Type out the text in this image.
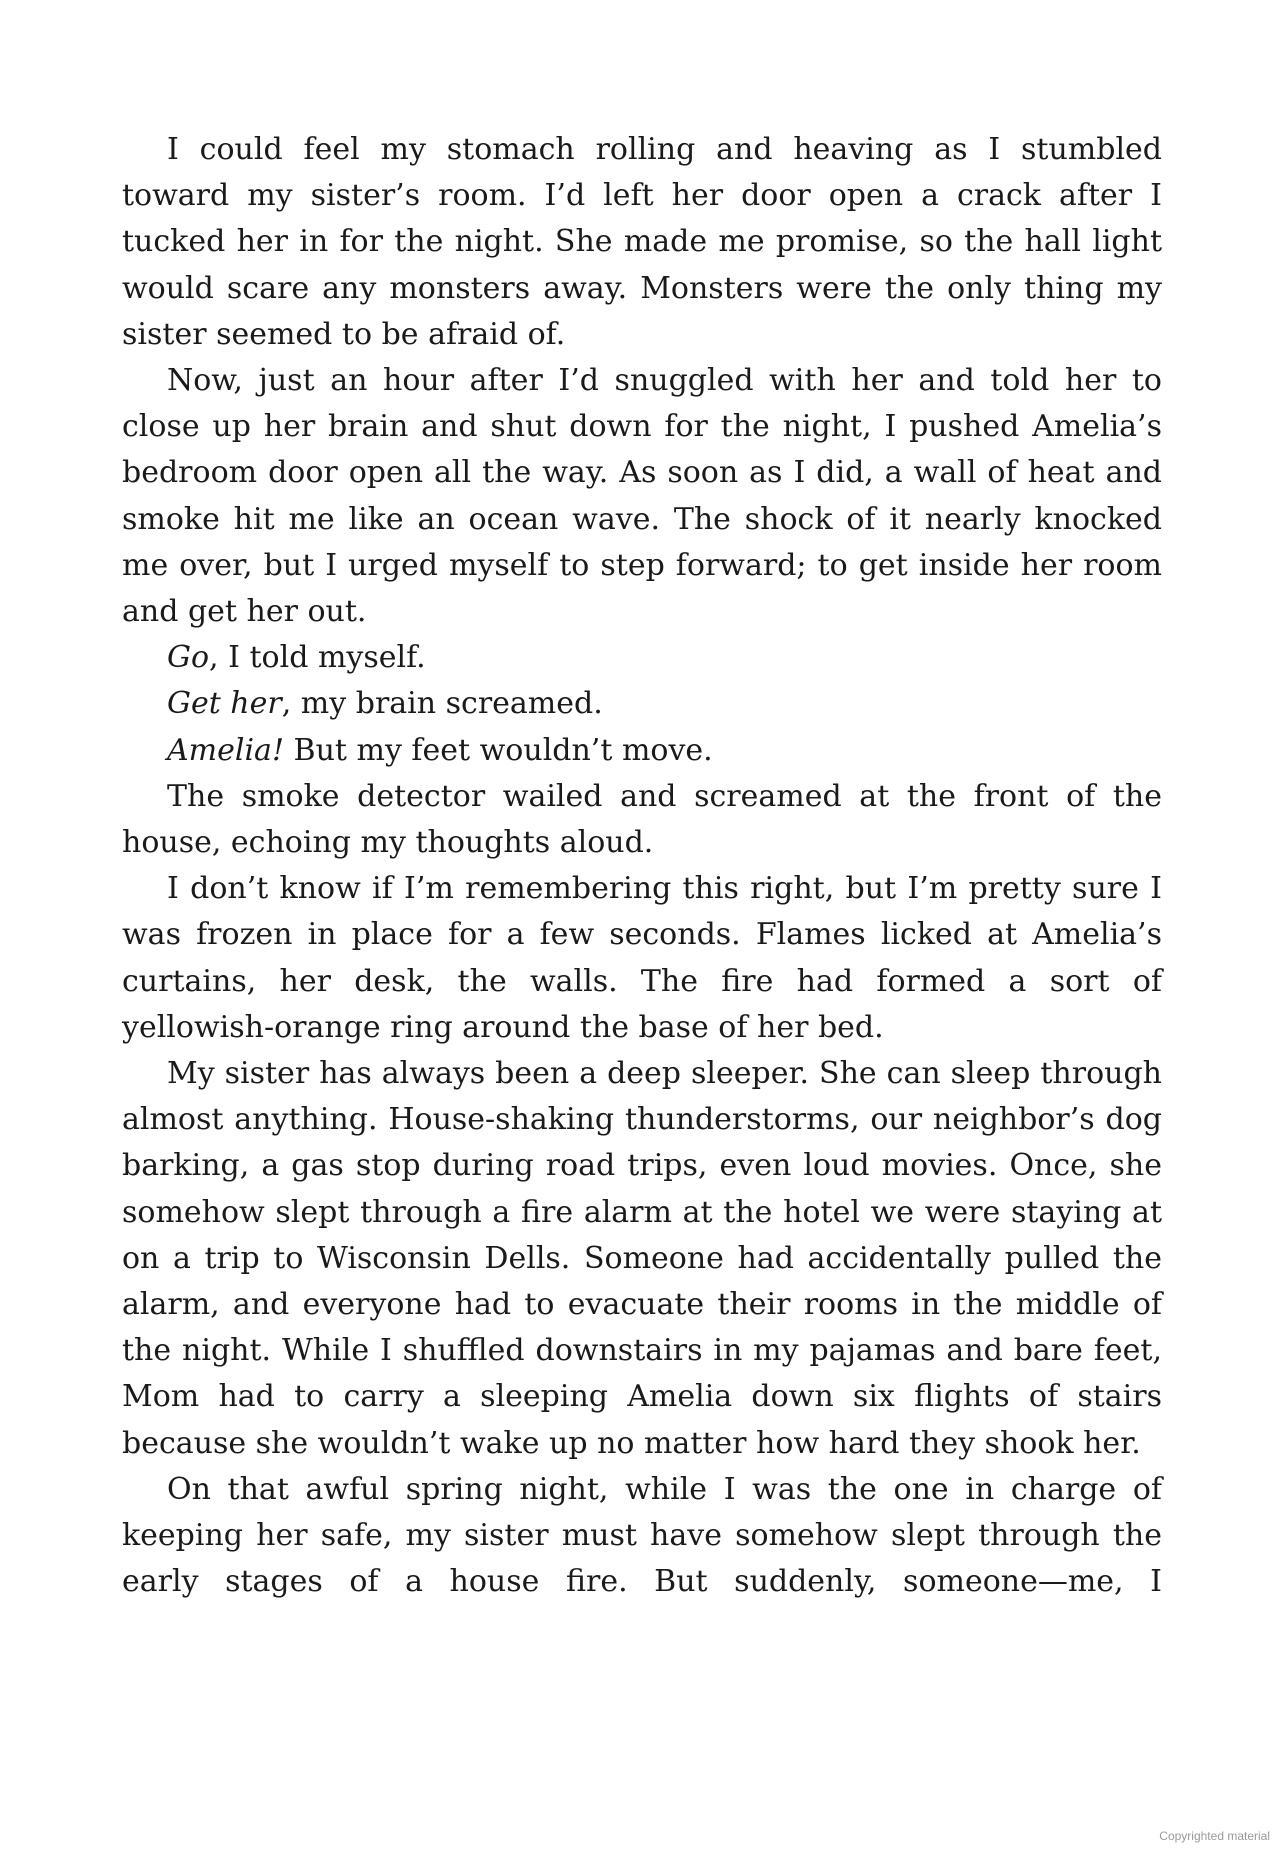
I could feel my stomach rolling and heaving as I stumbled toward my sister’s room. I’d left her door open a crack after I tucked her in for the night. She made me promise, so the hall light would scare any monsters away. Monsters were the only thing my sister seemed to be afraid of.

Now, just an hour after I’d snuggled with her and told her to close up her brain and shut down for the night, I pushed Amelia’s bedroom door open all the way. As soon as I did, a wall of heat and smoke hit me like an ocean wave. The shock of it nearly knocked me over, but I urged myself to step forward; to get inside her room and get her out.

Go, I told myself.

Get her, my brain screamed.

Amelia! But my feet wouldn’t move.

The smoke detector wailed and screamed at the front of the house, echoing my thoughts aloud.

I don’t know if I’m remembering this right, but I’m pretty sure I was frozen in place for a few seconds. Flames licked at Amelia’s curtains, her desk, the walls. The fire had formed a sort of yellowish-orange ring around the base of her bed.

My sister has always been a deep sleeper. She can sleep through almost anything. House-shaking thunderstorms, our neighbor’s dog barking, a gas stop during road trips, even loud movies. Once, she somehow slept through a fire alarm at the hotel we were staying at on a trip to Wisconsin Dells. Someone had accidentally pulled the alarm, and everyone had to evacuate their rooms in the middle of the night. While I shuffled downstairs in my pajamas and bare feet, Mom had to carry a sleeping Amelia down six flights of stairs because she wouldn’t wake up no matter how hard they shook her.

On that awful spring night, while I was the one in charge of keeping her safe, my sister must have somehow slept through the early stages of a house fire. But suddenly, someone—me, I

Copyrighted material
